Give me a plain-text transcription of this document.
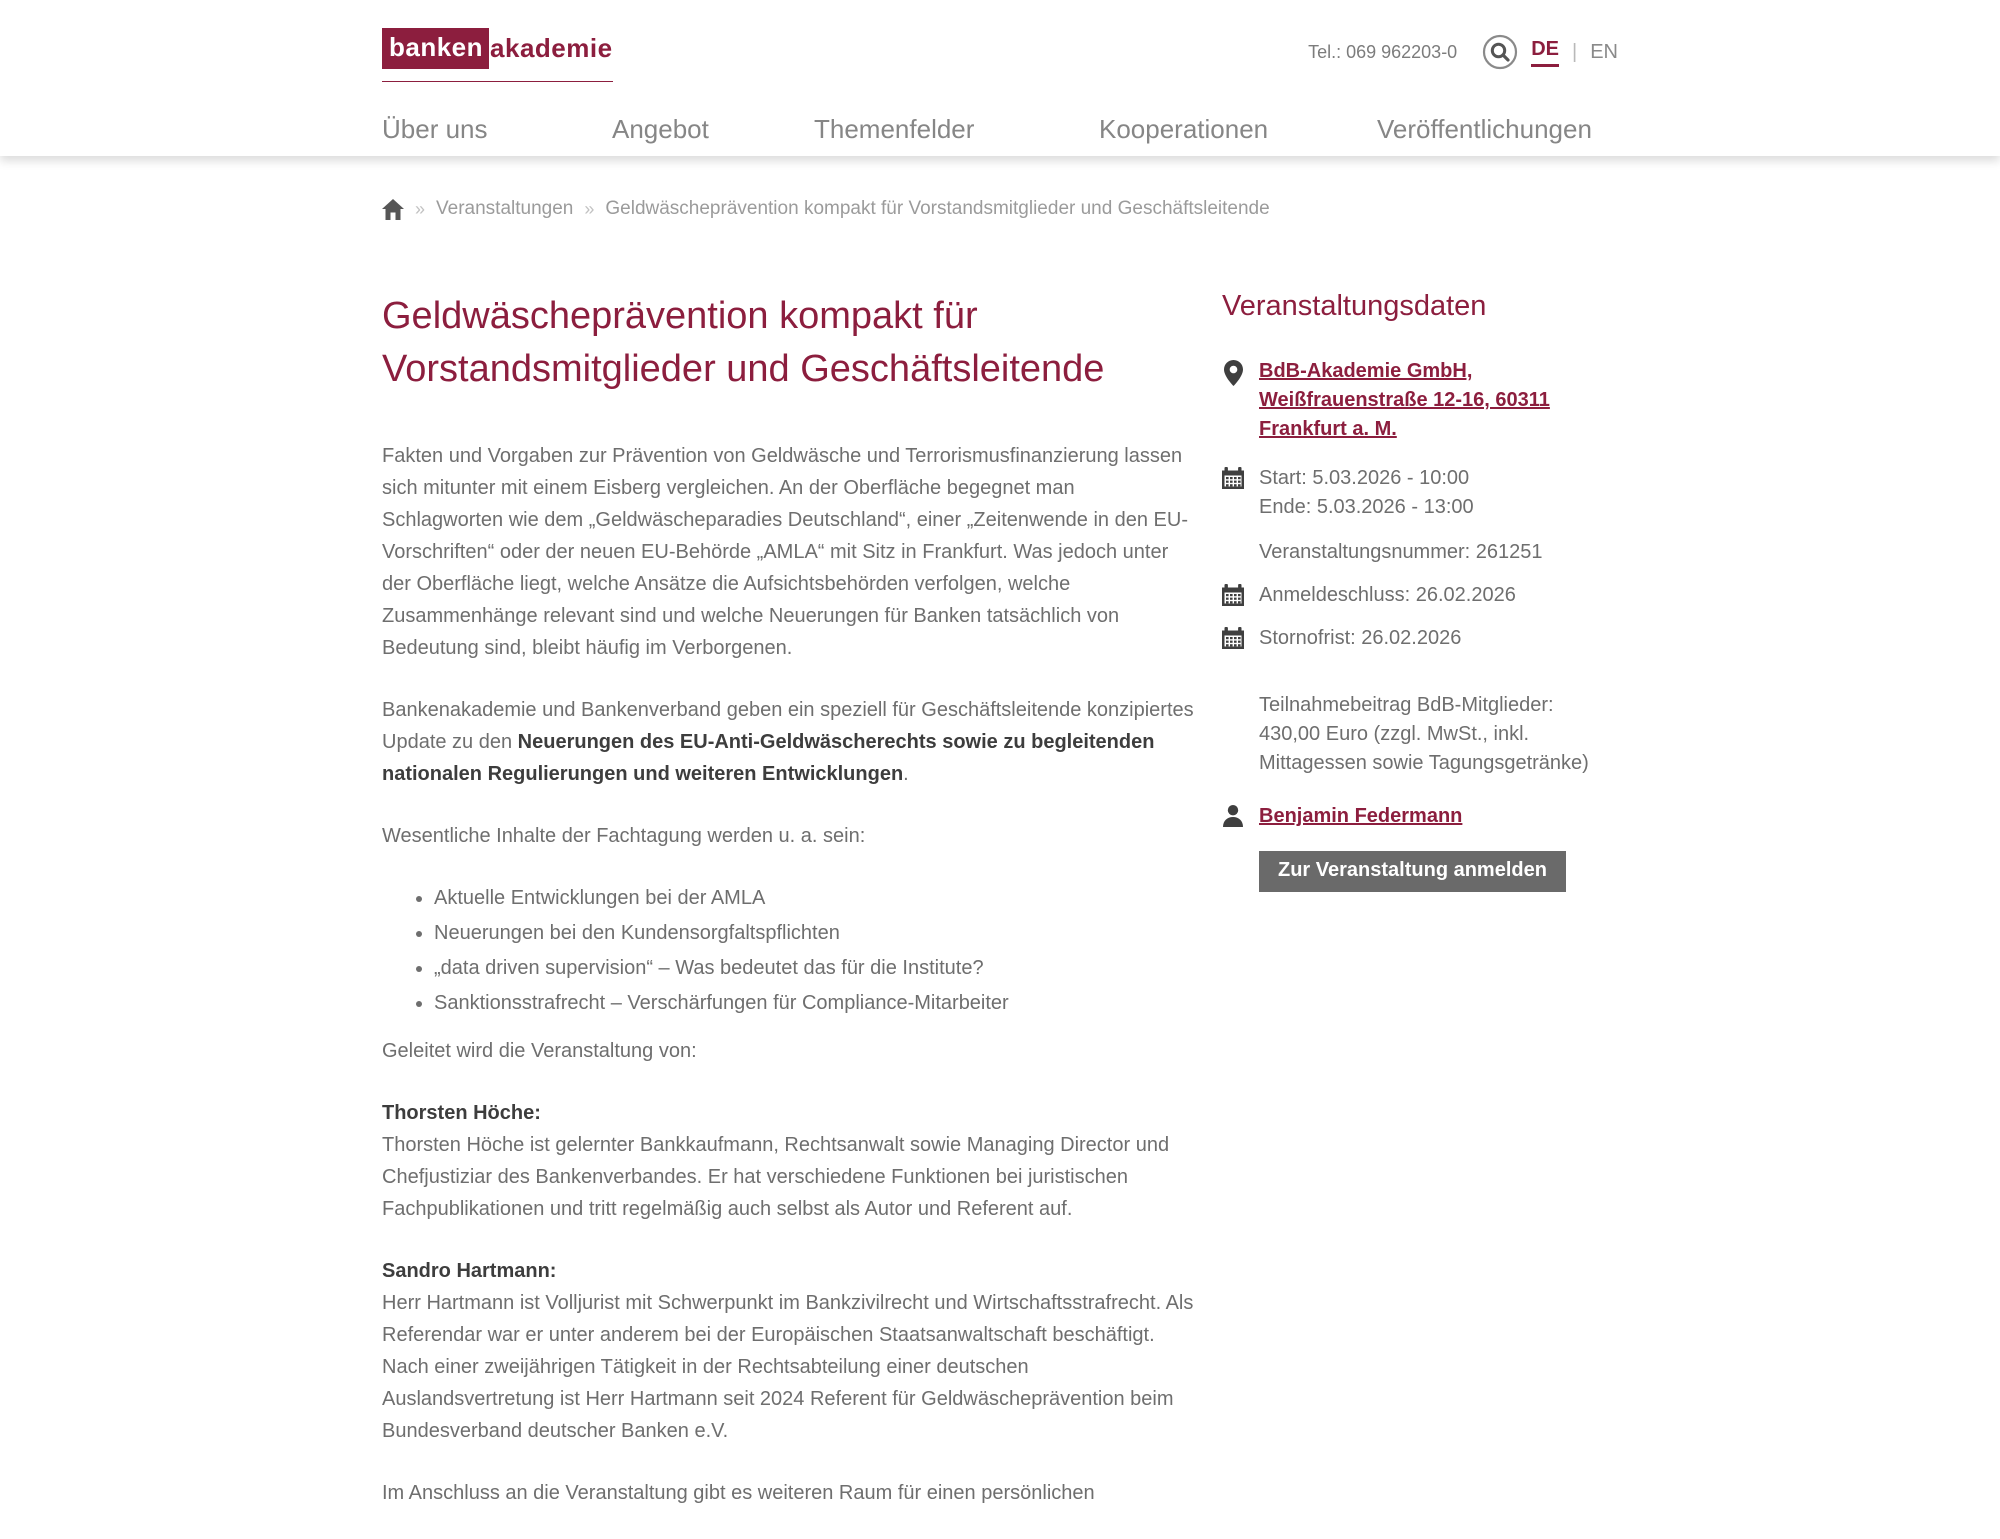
banken akademie	Tel.: 069 962203-0	DE | EN
Über uns	Angebot	Themenfelder	Kooperationen	Veröffentlichungen
» Veranstaltungen » Geldwäscheprävention kompakt für Vorstandsmitglieder und Geschäftsleitende
Geldwäscheprävention kompakt für Vorstandsmitglieder und Geschäftsleitende

Fakten und Vorgaben zur Prävention von Geldwäsche und Terrorismusfinanzierung lassen sich mitunter mit einem Eisberg vergleichen. An der Oberfläche begegnet man Schlagworten wie dem „Geldwäscheparadies Deutschland“, einer „Zeitenwende in den EU-Vorschriften“ oder der neuen EU-Behörde „AMLA“ mit Sitz in Frankfurt. Was jedoch unter der Oberfläche liegt, welche Ansätze die Aufsichtsbehörden verfolgen, welche Zusammenhänge relevant sind und welche Neuerungen für Banken tatsächlich von Bedeutung sind, bleibt häufig im Verborgenen.

Bankenakademie und Bankenverband geben ein speziell für Geschäftsleitende konzipiertes Update zu den Neuerungen des EU-Anti-Geldwäscherechts sowie zu begleitenden nationalen Regulierungen und weiteren Entwicklungen.

Wesentliche Inhalte der Fachtagung werden u. a. sein:

• Aktuelle Entwicklungen bei der AMLA
• Neuerungen bei den Kundensorgfaltspflichten
• „data driven supervision“ – Was bedeutet das für die Institute?
• Sanktionsstrafrecht – Verschärfungen für Compliance-Mitarbeiter

Geleitet wird die Veranstaltung von:

Thorsten Höche:
Thorsten Höche ist gelernter Bankkaufmann, Rechtsanwalt sowie Managing Director und Chefjustiziar des Bankenverbandes. Er hat verschiedene Funktionen bei juristischen Fachpublikationen und tritt regelmäßig auch selbst als Autor und Referent auf.

Sandro Hartmann:
Herr Hartmann ist Volljurist mit Schwerpunkt im Bankzivilrecht und Wirtschaftsstrafrecht. Als Referendar war er unter anderem bei der Europäischen Staatsanwaltschaft beschäftigt. Nach einer zweijährigen Tätigkeit in der Rechtsabteilung einer deutschen Auslandsvertretung ist Herr Hartmann seit 2024 Referent für Geldwäscheprävention beim Bundesverband deutscher Banken e.V.

Im Anschluss an die Veranstaltung gibt es weiteren Raum für einen persönlichen

Veranstaltungsdaten
BdB-Akademie GmbH, Weißfrauenstraße 12-16, 60311 Frankfurt a. M.
Start: 5.03.2026 - 10:00
Ende: 5.03.2026 - 13:00
Veranstaltungsnummer: 261251
Anmeldeschluss: 26.02.2026
Stornofrist: 26.02.2026
Teilnahmebeitrag BdB-Mitglieder: 430,00 Euro (zzgl. MwSt., inkl. Mittagessen sowie Tagungsgetränke)
Benjamin Federmann
Zur Veranstaltung anmelden
